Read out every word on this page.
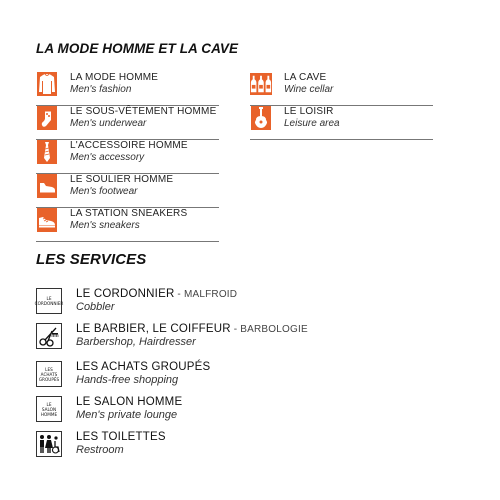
LA MODE HOMME ET LA CAVE
LA MODE HOMME
Men's fashion
LE SOUS-VÊTEMENT HOMME
Men's underwear
L'ACCESSOIRE HOMME
Men's accessory
LE SOULIER HOMME
Men's footwear
LA STATION SNEAKERS
Men's sneakers
LA CAVE
Wine cellar
LE LOISIR
Leisure area
LES SERVICES
LE
CORDONNIER
LE CORDONNIER - MALFROID
Cobbler
LE BARBIER, LE COIFFEUR - BARBOLOGIE
Barbershop, Hairdresser
LES
ACHATS
GROUPÉS
LES ACHATS GROUPÉS
Hands-free shopping
LE
SALON
HOMME
LE SALON HOMME
Men's private lounge
LES TOILETTES
Restroom
